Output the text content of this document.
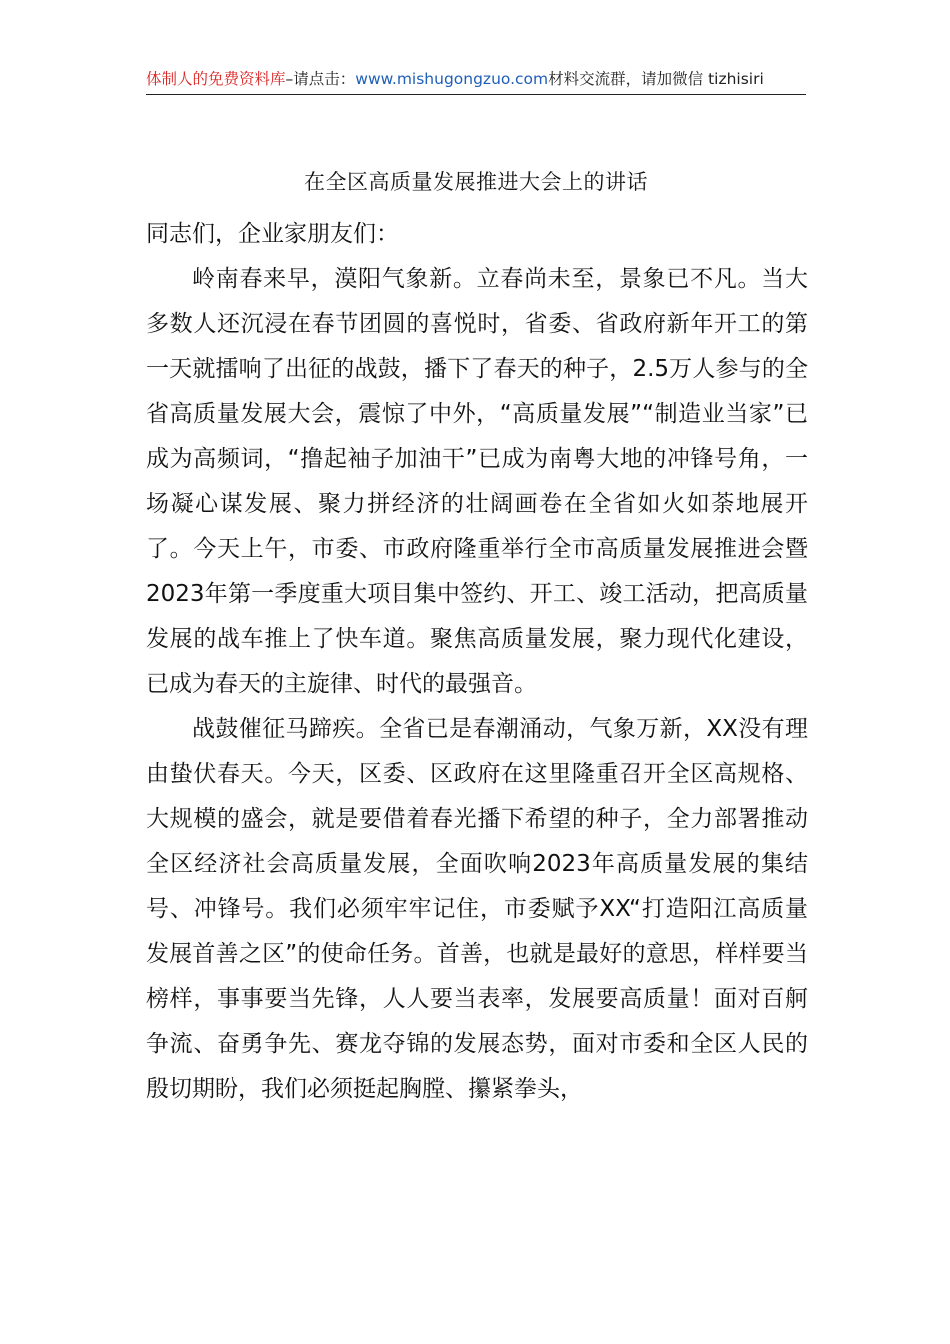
体制人的免费资料库–请点击：www.mishugongzuo.com材料交流群，请加微信 tizhisiri
在全区高质量发展推进大会上的讲话

同志们，企业家朋友们：

岭南春来早，漠阳气象新。立春尚未至，景象已不凡。当大多数人还沉浸在春节团圆的喜悦时，省委、省政府新年开工的第一天就擂响了出征的战鼓，播下了春天的种子，2.5万人参与的全省高质量发展大会，震惊了中外，“高质量发展”“制造业当家”已成为高频词，“撸起袖子加油干”已成为南粤大地的冲锋号角，一场凝心谋发展、聚力拼经济的壮阔画卷在全省如火如荼地展开了。今天上午，市委、市政府隆重举行全市高质量发展推进会暨2023年第一季度重大项目集中签约、开工、竣工活动，把高质量发展的战车推上了快车道。聚焦高质量发展，聚力现代化建设，已成为春天的主旋律、时代的最强音。

战鼓催征马蹄疾。全省已是春潮涌动，气象万新，XX没有理由蛰伏春天。今天，区委、区政府在这里隆重召开全区高规格、大规模的盛会，就是要借着春光播下希望的种子，全力部署推动全区经济社会高质量发展，全面吹响2023年高质量发展的集结号、冲锋号。我们必须牢牢记住，市委赋予XX“打造阳江高质量发展首善之区”的使命任务。首善，也就是最好的意思，样样要当榜样，事事要当先锋，人人要当表率，发展要高质量！面对百舸争流、奋勇争先、赛龙夺锦的发展态势，面对市委和全区人民的殷切期盼，我们必须挺起胸膛、攥紧拳头，
